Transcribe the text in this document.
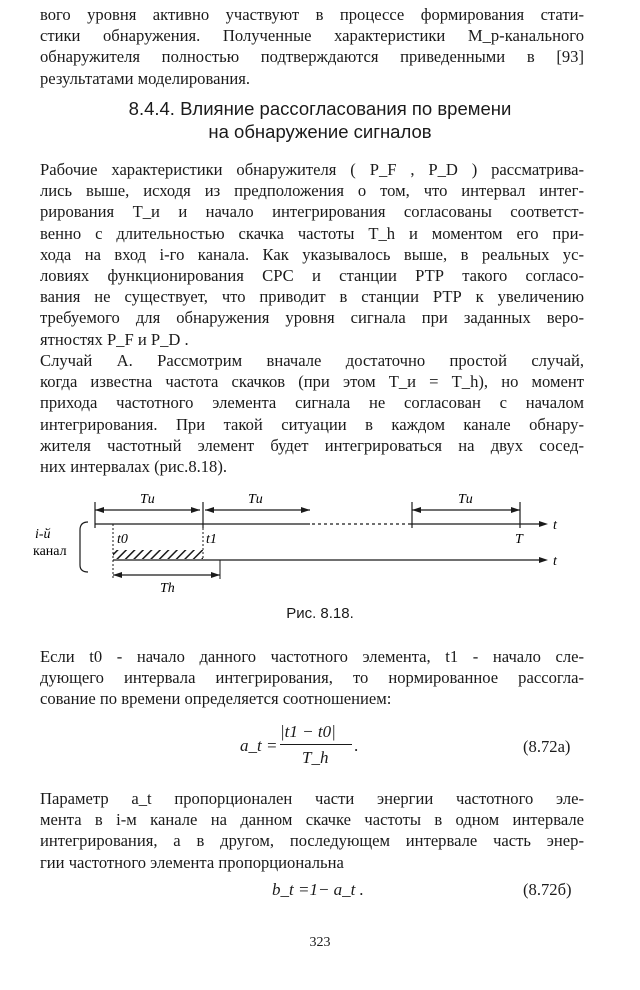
вого уровня активно участвуют в процессе формирования стати-
стики обнаружения. Полученные характеристики M_p-канального
обнаружителя полностью подтверждаются приведенными в [93]
результатами моделирования.

8.4.4. Влияние рассогласования по времени
на обнаружение сигналов

Рабочие характеристики обнаружителя ( P_F , P_D ) рассматрива-
лись выше, исходя из предположения о том, что интервал интег-
рирования T_и и начало интегрирования согласованы соответст-
венно с длительностью скачка частоты T_h и моментом его при-
хода на вход i-го канала. Как указывалось выше, в реальных ус-
ловиях функционирования СРС и станции РТР такого согласо-
вания не существует, что приводит в станции РТР к увеличению
требуемого для обнаружения уровня сигнала при заданных веро-
ятностях P_F и P_D .

Случай А. Рассмотрим вначале достаточно простой случай,
когда известна частота скачков (при этом T_и = T_h), но момент
прихода частотного элемента сигнала не согласован с началом
интегрирования. При такой ситуации в каждом канале обнару-
жителя частотный элемент будет интегрироваться на двух сосед-
них интервалах (рис.8.18).

i-й
канал
Tи	Tи	Tи
t
t0	t1	T
t
Th

Рис. 8.18.

Если t0 - начало данного частотного элемента, t1 - начало сле-
дующего интервала интегрирования, то нормированное рассогла-
сование по времени определяется соотношением:

a_t =
|t1 − t0|
T_h
.	(8.72а)

Параметр a_t пропорционален части энергии частотного эле-
мента в i-м канале на данном скачке частоты в одном интервале
интегрирования, а в другом, последующем интервале часть энер-
гии частотного элемента пропорциональна

b_t =1− a_t .	(8.72б)
323
